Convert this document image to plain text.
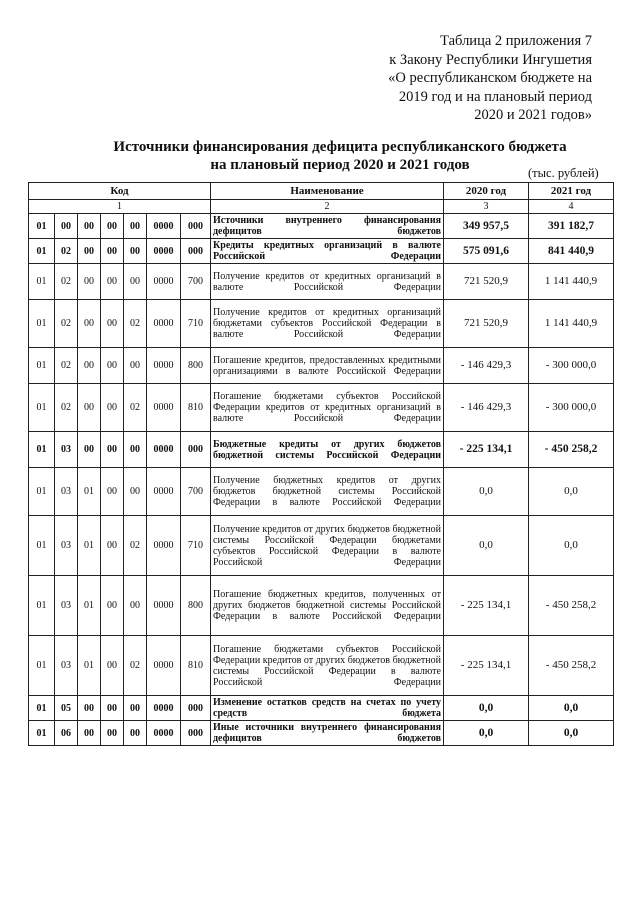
Таблица 2 приложения 7
к Закону Республики Ингушетия
«О республиканском бюджете на
2019 год и на плановый период
2020 и 2021 годов»
Источники финансирования дефицита республиканского бюджета
на плановый период 2020 и 2021 годов	(тыс. рублей)
Код							Наименование	2020 год	2021 год
1							2	3	4
01	00	00	00	00	0000	000	Источники внутреннего финансирования дефицитов бюджетов	349 957,5	391 182,7
01	02	00	00	00	0000	000	Кредиты кредитных организаций в валюте Российской Федерации	575 091,6	841 440,9
01	02	00	00	00	0000	700	Получение кредитов от кредитных организаций в валюте Российской Федерации	721 520,9	1 141 440,9
01	02	00	00	02	0000	710	Получение кредитов от кредитных организаций бюджетами субъектов Российской Федерации в валюте Российской Федерации	721 520,9	1 141 440,9
01	02	00	00	00	0000	800	Погашение кредитов, предоставленных кредитными организациями в валюте Российской Федерации	- 146 429,3	- 300 000,0
01	02	00	00	02	0000	810	Погашение бюджетами субъектов Российской Федерации кредитов от кредитных организаций в валюте Российской Федерации	- 146 429,3	- 300 000,0
01	03	00	00	00	0000	000	Бюджетные кредиты от других бюджетов бюджетной системы Российской Федерации	- 225 134,1	- 450 258,2
01	03	01	00	00	0000	700	Получение бюджетных кредитов от других бюджетов бюджетной системы Российской Федерации в валюте Российской Федерации	0,0	0,0
01	03	01	00	02	0000	710	Получение кредитов от других бюджетов бюджетной системы Российской Федерации бюджетами субъектов Российской Федерации в валюте Российской Федерации	0,0	0,0
01	03	01	00	00	0000	800	Погашение бюджетных кредитов, полученных от других бюджетов бюджетной системы Российской Федерации в валюте Российской Федерации	- 225 134,1	- 450 258,2
01	03	01	00	02	0000	810	Погашение бюджетами субъектов Российской Федерации кредитов от других бюджетов бюджетной системы Российской Федерации в валюте Российской Федерации	- 225 134,1	- 450 258,2
01	05	00	00	00	0000	000	Изменение остатков средств на счетах по учету средств бюджета	0,0	0,0
01	06	00	00	00	0000	000	Иные источники внутреннего финансирования дефицитов бюджетов	0,0	0,0
